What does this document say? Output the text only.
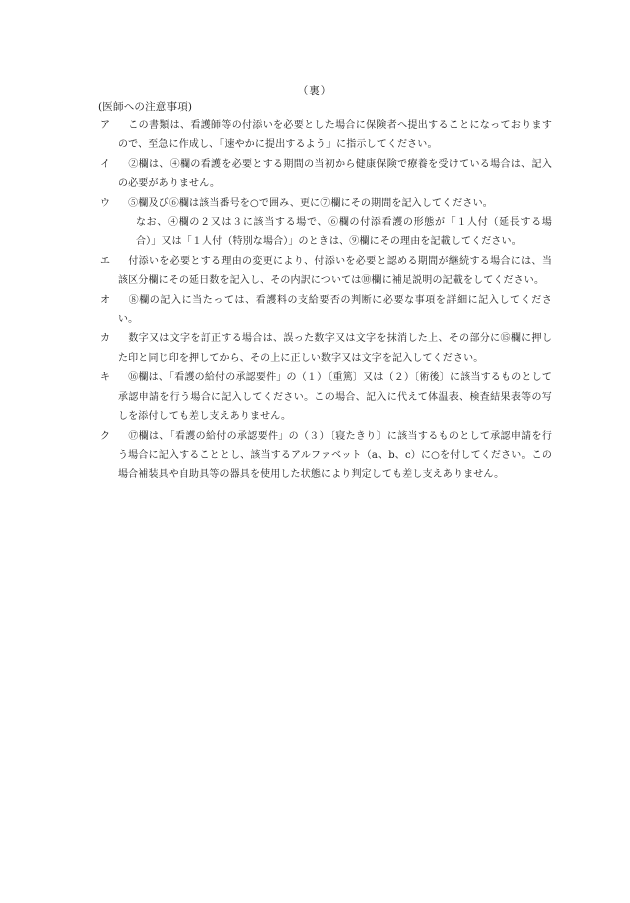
（裏）
(医師への注意事項)
ア 　この書類は、看護師等の付添いを必要とした場合に保険者へ提出することになっておりますので、至急に作成し、「速やかに提出するよう」に指示してください。
イ 　②欄は、④欄の看護を必要とする期間の当初から健康保険で療養を受けている場合は、記入の必要がありません。
ウ 　⑤欄及び⑥欄は該当番号を○で囲み、更に⑦欄にその期間を記入してください。
なお、④欄の２又は３に該当する場で、⑥欄の付添看護の形態が「１人付（延長する場合）」又は「１人付（特別な場合）」のときは、⑨欄にその理由を記載してください。
エ 　付添いを必要とする理由の変更により、付添いを必要と認める期間が継続する場合には、当該区分欄にその延日数を記入し、その内訳については⑩欄に補足説明の記載をしてください。
オ 　⑧欄の記入に当たっては、看護料の支給要否の判断に必要な事項を詳細に記入してください。
カ 　数字又は文字を訂正する場合は、誤った数字又は文字を抹消した上、その部分に⑮欄に押した印と同じ印を押してから、その上に正しい数字又は文字を記入してください。
キ 　⑯欄は、「看護の給付の承認要件」の（１）〔重篤〕又は（２）〔術後〕に該当するものとして承認申請を行う場合に記入してください。この場合、記入に代えて体温表、検査結果表等の写しを添付しても差し支えありません。
ク 　⑰欄は、「看護の給付の承認要件」の（３）〔寝たきり〕に該当するものとして承認申請を行う場合に記入することとし、該当するアルファベット（a、b、c）に○を付してください。この場合補装具や自助具等の器具を使用した状態により判定しても差し支えありません。
